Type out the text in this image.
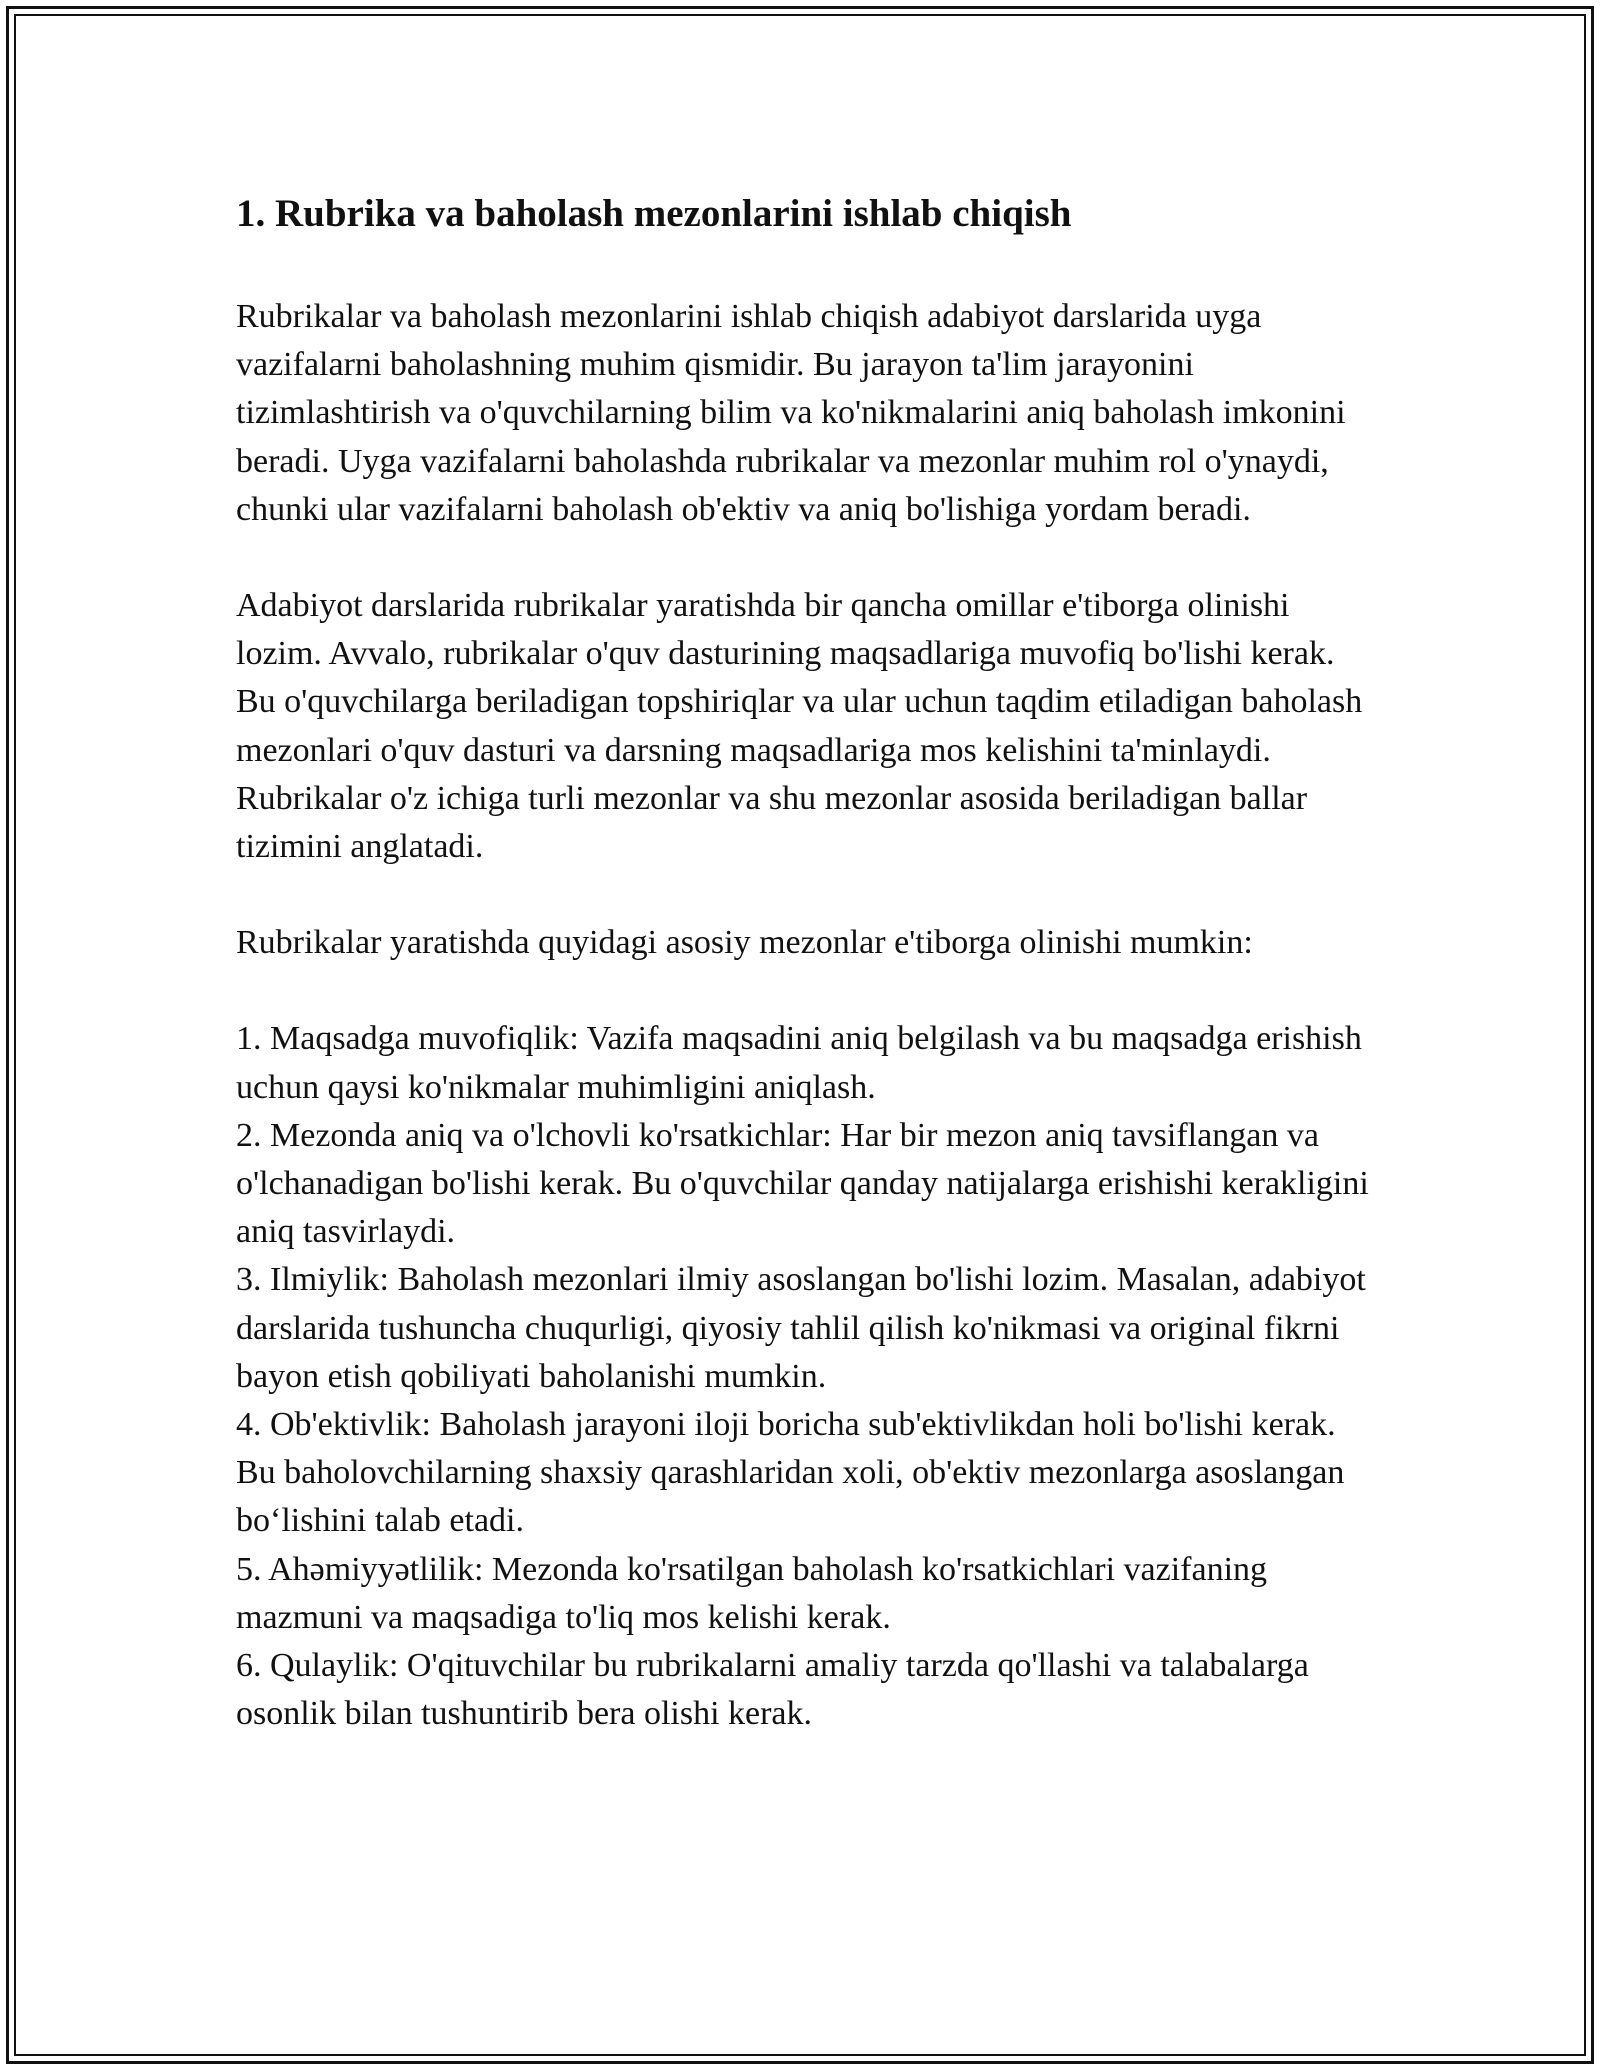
1. Rubrika va baholash mezonlarini ishlab chiqish

Rubrikalar va baholash mezonlarini ishlab chiqish adabiyot darslarida uyga vazifalarni baholashning muhim qismidir. Bu jarayon ta'lim jarayonini tizimlashtirish va o'quvchilarning bilim va ko'nikmalarini aniq baholash imkonini beradi. Uyga vazifalarni baholashda rubrikalar va mezonlar muhim rol o'ynaydi, chunki ular vazifalarni baholash ob'ektiv va aniq bo'lishiga yordam beradi.

Adabiyot darslarida rubrikalar yaratishda bir qancha omillar e'tiborga olinishi lozim. Avvalo, rubrikalar o'quv dasturining maqsadlariga muvofiq bo'lishi kerak. Bu o'quvchilarga beriladigan topshiriqlar va ular uchun taqdim etiladigan baholash mezonlari o'quv dasturi va darsning maqsadlariga mos kelishini ta'minlaydi. Rubrikalar o'z ichiga turli mezonlar va shu mezonlar asosida beriladigan ballar tizimini anglatadi.

Rubrikalar yaratishda quyidagi asosiy mezonlar e'tiborga olinishi mumkin:

1. Maqsadga muvofiqlik: Vazifa maqsadini aniq belgilash va bu maqsadga erishish uchun qaysi ko'nikmalar muhimligini aniqlash.
2. Mezonda aniq va o'lchovli ko'rsatkichlar: Har bir mezon aniq tavsiflangan va o'lchanadigan bo'lishi kerak. Bu o'quvchilar qanday natijalarga erishishi kerakligini aniq tasvirlaydi.
3. Ilmiylik: Baholash mezonlari ilmiy asoslangan bo'lishi lozim. Masalan, adabiyot darslarida tushuncha chuqurligi, qiyosiy tahlil qilish ko'nikmasi va original fikrni bayon etish qobiliyati baholanishi mumkin.
4. Ob'ektivlik: Baholash jarayoni iloji boricha sub'ektivlikdan holi bo'lishi kerak. Bu baholovchilarning shaxsiy qarashlaridan xoli, ob'ektiv mezonlarga asoslangan boʻlishini talab etadi.
5. Ahəmiyyətlilik: Mezonda ko'rsatilgan baholash ko'rsatkichlari vazifaning mazmuni va maqsadiga to'liq mos kelishi kerak.
6. Qulaylik: O'qituvchilar bu rubrikalarni amaliy tarzda qo'llashi va talabalarga osonlik bilan tushuntirib bera olishi kerak.
